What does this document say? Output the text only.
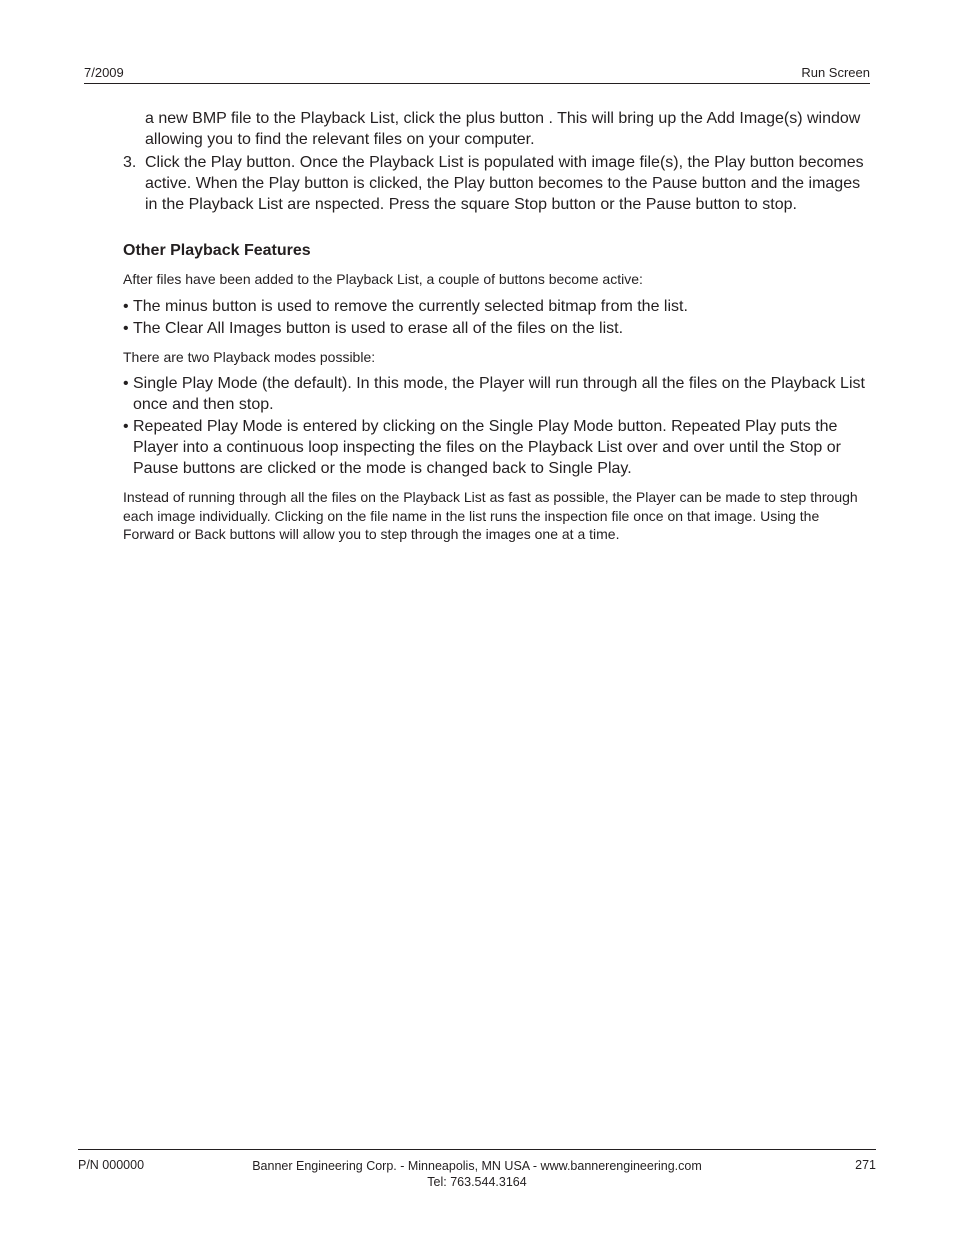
7/2009	Run Screen

a new BMP file to the Playback List, click the plus button . This will bring up the Add Image(s) window allowing you to find the relevant files on your computer.

3. Click the Play button. Once the Playback List is populated with image file(s), the Play button becomes active. When the Play button is clicked, the Play button becomes to the Pause button and the images in the Playback List are nspected. Press the square Stop button or the Pause button to stop.
Other Playback Features

After files have been added to the Playback List, a couple of buttons become active:

• The minus button is used to remove the currently selected bitmap from the list.
• The Clear All Images button is used to erase all of the files on the list.

There are two Playback modes possible:

• Single Play Mode (the default). In this mode, the Player will run through all the files on the Playback List once and then stop.
• Repeated Play Mode is entered by clicking on the Single Play Mode button. Repeated Play puts the Player into a continuous loop inspecting the files on the Playback List over and over until the Stop or Pause buttons are clicked or the mode is changed back to Single Play.

Instead of running through all the files on the Playback List as fast as possible, the Player can be made to step through each image individually. Clicking on the file name in the list runs the inspection file once on that image. Using the Forward or Back buttons will allow you to step through the images one at a time.

P/N 000000	Banner Engineering Corp. - Minneapolis, MN USA - www.bannerengineering.com
Tel: 763.544.3164
271
